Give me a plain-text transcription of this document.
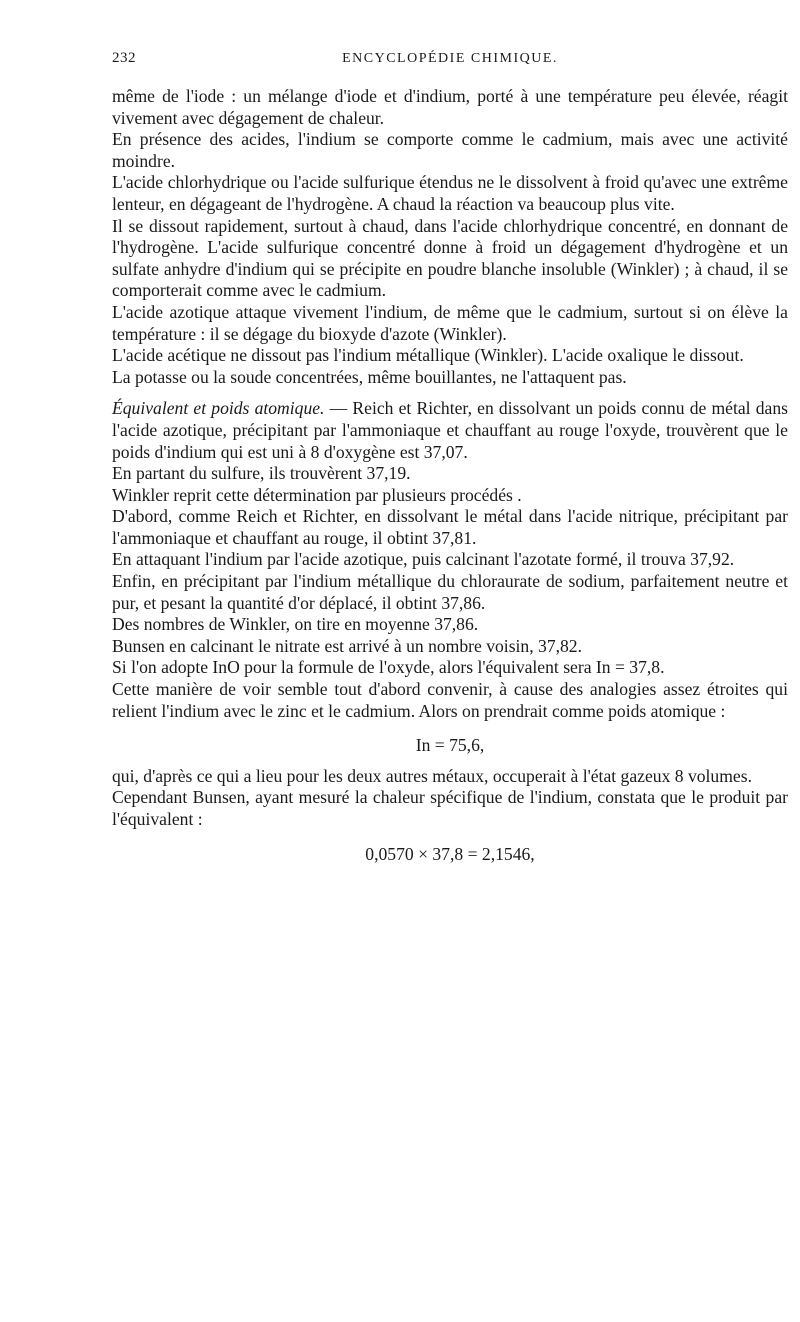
232	ENCYCLOPÉDIE CHIMIQUE.

même de l'iode : un mélange d'iode et d'indium, porté à une température peu élevée, réagit vivement avec dégagement de chaleur.

En présence des acides, l'indium se comporte comme le cadmium, mais avec une activité moindre.

L'acide chlorhydrique ou l'acide sulfurique étendus ne le dissolvent à froid qu'avec une extrême lenteur, en dégageant de l'hydrogène. A chaud la réaction va beaucoup plus vite.

Il se dissout rapidement, surtout à chaud, dans l'acide chlorhydrique concentré, en donnant de l'hydrogène. L'acide sulfurique concentré donne à froid un dégagement d'hydrogène et un sulfate anhydre d'indium qui se précipite en poudre blanche insoluble (Winkler) ; à chaud, il se comporterait comme avec le cadmium.

L'acide azotique attaque vivement l'indium, de même que le cadmium, surtout si on élève la température : il se dégage du bioxyde d'azote (Winkler).

L'acide acétique ne dissout pas l'indium métallique (Winkler). L'acide oxalique le dissout.

La potasse ou la soude concentrées, même bouillantes, ne l'attaquent pas.

Équivalent et poids atomique. — Reich et Richter, en dissolvant un poids connu de métal dans l'acide azotique, précipitant par l'ammoniaque et chauffant au rouge l'oxyde, trouvèrent que le poids d'indium qui est uni à 8 d'oxygène est 37,07.

En partant du sulfure, ils trouvèrent 37,19.

Winkler reprit cette détermination par plusieurs procédés .

D'abord, comme Reich et Richter, en dissolvant le métal dans l'acide nitrique, précipitant par l'ammoniaque et chauffant au rouge, il obtint 37,81.

En attaquant l'indium par l'acide azotique, puis calcinant l'azotate formé, il trouva 37,92.

Enfin, en précipitant par l'indium métallique du chloraurate de sodium, parfaitement neutre et pur, et pesant la quantité d'or déplacé, il obtint 37,86.

Des nombres de Winkler, on tire en moyenne 37,86.

Bunsen en calcinant le nitrate est arrivé à un nombre voisin, 37,82.

Si l'on adopte InO pour la formule de l'oxyde, alors l'équivalent sera In = 37,8.

Cette manière de voir semble tout d'abord convenir, à cause des analogies assez étroites qui relient l'indium avec le zinc et le cadmium. Alors on prendrait comme poids atomique :

In = 75,6,

qui, d'après ce qui a lieu pour les deux autres métaux, occuperait à l'état gazeux 8 volumes.

Cependant Bunsen, ayant mesuré la chaleur spécifique de l'indium, constata que le produit par l'équivalent :

0,0570 × 37,8 = 2,1546,
